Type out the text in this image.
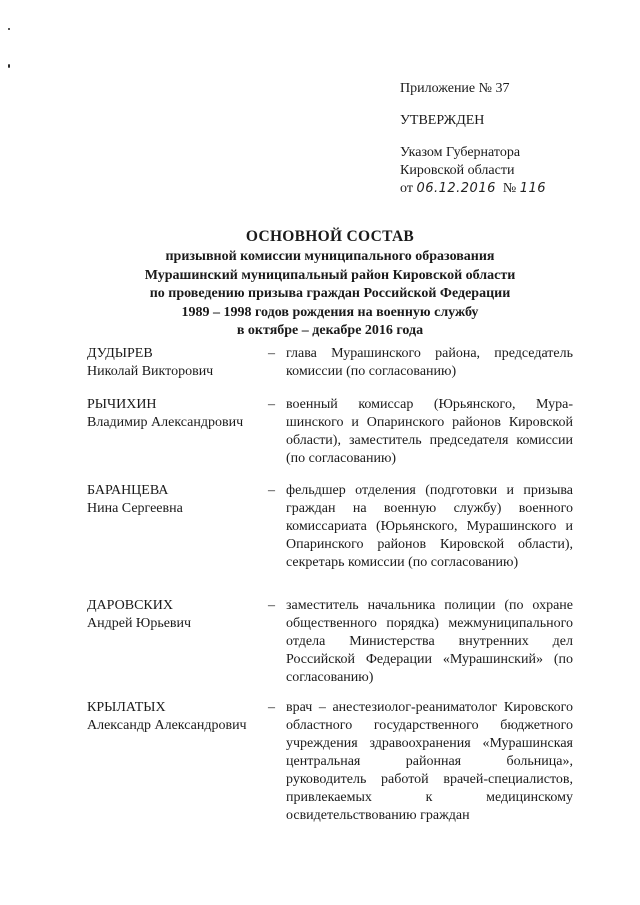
Приложение № 37
УТВЕРЖДЕН
Указом Губернатора
Кировской области
от 06.12.2016 № 116
ОСНОВНОЙ СОСТАВ
призывной комиссии муниципального образования
Мурашинский муниципальный район Кировской области
по проведению призыва граждан Российской Федерации
1989 – 1998 годов рождения на военную службу
в октябре – декабре 2016 года
ДУДЫРЕВ
Николай Викторович
– глава Мурашинского района, председатель комиссии (по согласованию)
РЫЧИХИН
Владимир Александрович
– военный комиссар (Юрьянского, Мурашинского и Опаринского районов Кировской области), заместитель председателя комиссии (по согласованию)
БАРАНЦЕВА
Нина Сергеевна
– фельдшер отделения (подготовки и призыва граждан на военную службу) военного комиссариата (Юрьянского, Мурашинского и Опаринского районов Кировской области), секретарь комиссии (по согласованию)
ДАРОВСКИХ
Андрей Юрьевич
– заместитель начальника полиции (по охране общественного порядка) межмуниципального отдела Министерства внутренних дел Российской Федерации «Мурашинский» (по согласованию)
КРЫЛАТЫХ
Александр Александрович
– врач – анестезиолог-реаниматолог Кировского областного государственного бюджетного учреждения здравоохранения «Мурашинская центральная районная больница», руководитель работой врачей-специалистов, привлекаемых к медицинскому освидетельствованию граждан
